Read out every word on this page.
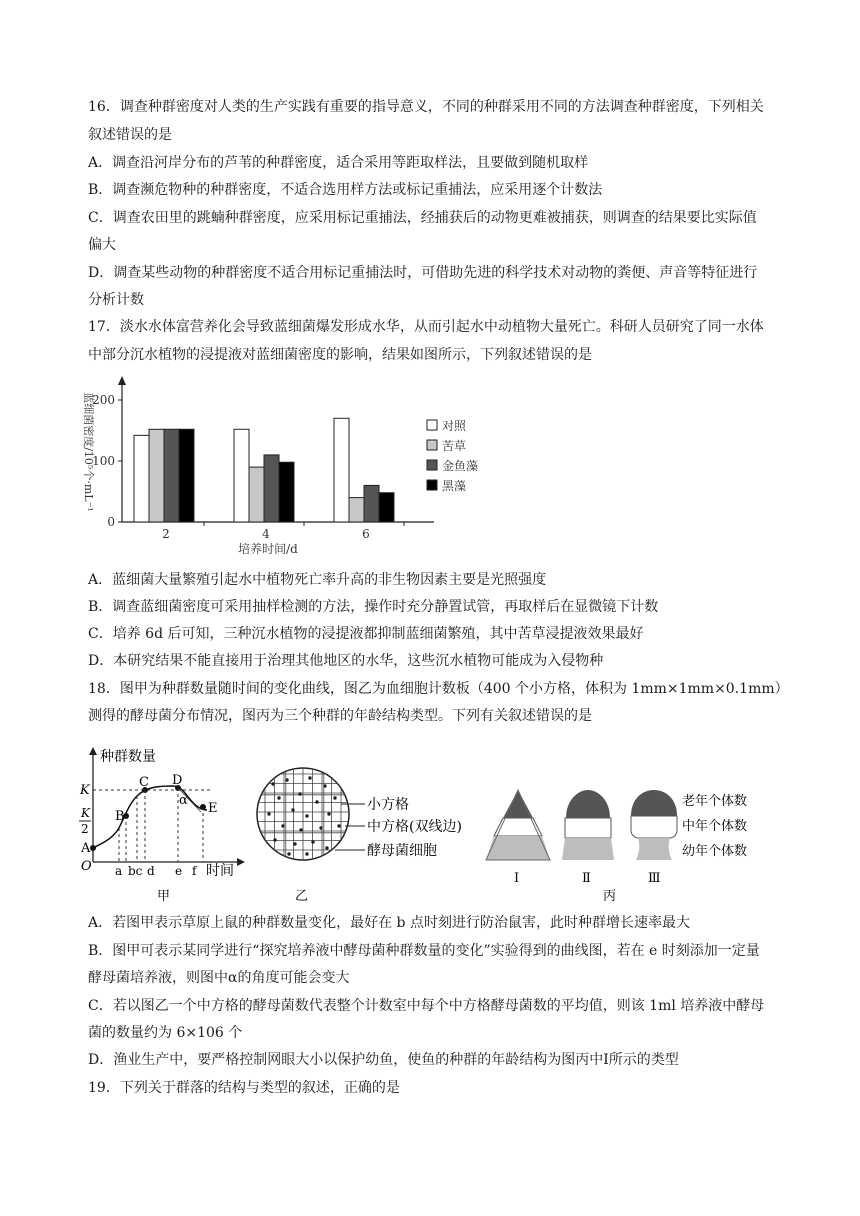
16．调查种群密度对人类的生产实践有重要的指导意义，不同的种群采用不同的方法调查种群密度，下列相关
叙述错误的是
A．调查沿河岸分布的芦苇的种群密度，适合采用等距取样法，且要做到随机取样
B．调查濒危物种的种群密度，不适合选用样方法或标记重捕法，应采用逐个计数法
C．调查农田里的跳蝻种群密度，应采用标记重捕法，经捕获后的动物更难被捕获，则调查的结果要比实际值
偏大
D．调查某些动物的种群密度不适合用标记重捕法时，可借助先进的科学技术对动物的粪便、声音等特征进行
分析计数
17．淡水水体富营养化会导致蓝细菌爆发形成水华，从而引起水中动植物大量死亡。科研人员研究了同一水体
中部分沉水植物的浸提液对蓝细菌密度的影响，结果如图所示，下列叙述错误的是
蓝细菌密度/10⁵个·mL⁻¹
培养时间/d
0
100
200
2	4	6
对照
苦草
金鱼藻
黑藻
A．蓝细菌大量繁殖引起水中植物死亡率升高的非生物因素主要是光照强度
B．调查蓝细菌密度可采用抽样检测的方法，操作时充分静置试管，再取样后在显微镜下计数
C．培养 6d 后可知，三种沉水植物的浸提液都抑制蓝细菌繁殖，其中苦草浸提液效果最好
D．本研究结果不能直接用于治理其他地区的水华，这些沉水植物可能成为入侵物种
18．图甲为种群数量随时间的变化曲线，图乙为血细胞计数板（400 个小方格，体积为 1mm×1mm×0.1mm）
测得的酵母菌分布情况，图丙为三个种群的年龄结构类型。下列有关叙述错误的是
种群数量
K
K
2
A
B
C D
E
α
O a bc d e f 时间
甲
小方格
中方格(双线边)
酵母菌细胞
乙
Ⅰ	Ⅱ	Ⅲ
老年个体数
中年个体数
幼年个体数
丙
A．若图甲表示草原上鼠的种群数量变化，最好在 b 点时刻进行防治鼠害，此时种群增长速率最大
B．图甲可表示某同学进行“探究培养液中酵母菌种群数量的变化”实验得到的曲线图，若在 e 时刻添加一定量
酵母菌培养液，则图中α的角度可能会变大
C．若以图乙一个中方格的酵母菌数代表整个计数室中每个中方格酵母菌数的平均值，则该 1ml 培养液中酵母
菌的数量约为 6×106 个
D．渔业生产中，要严格控制网眼大小以保护幼鱼，使鱼的种群的年龄结构为图丙中Ⅰ所示的类型
19．下列关于群落的结构与类型的叙述，正确的是
